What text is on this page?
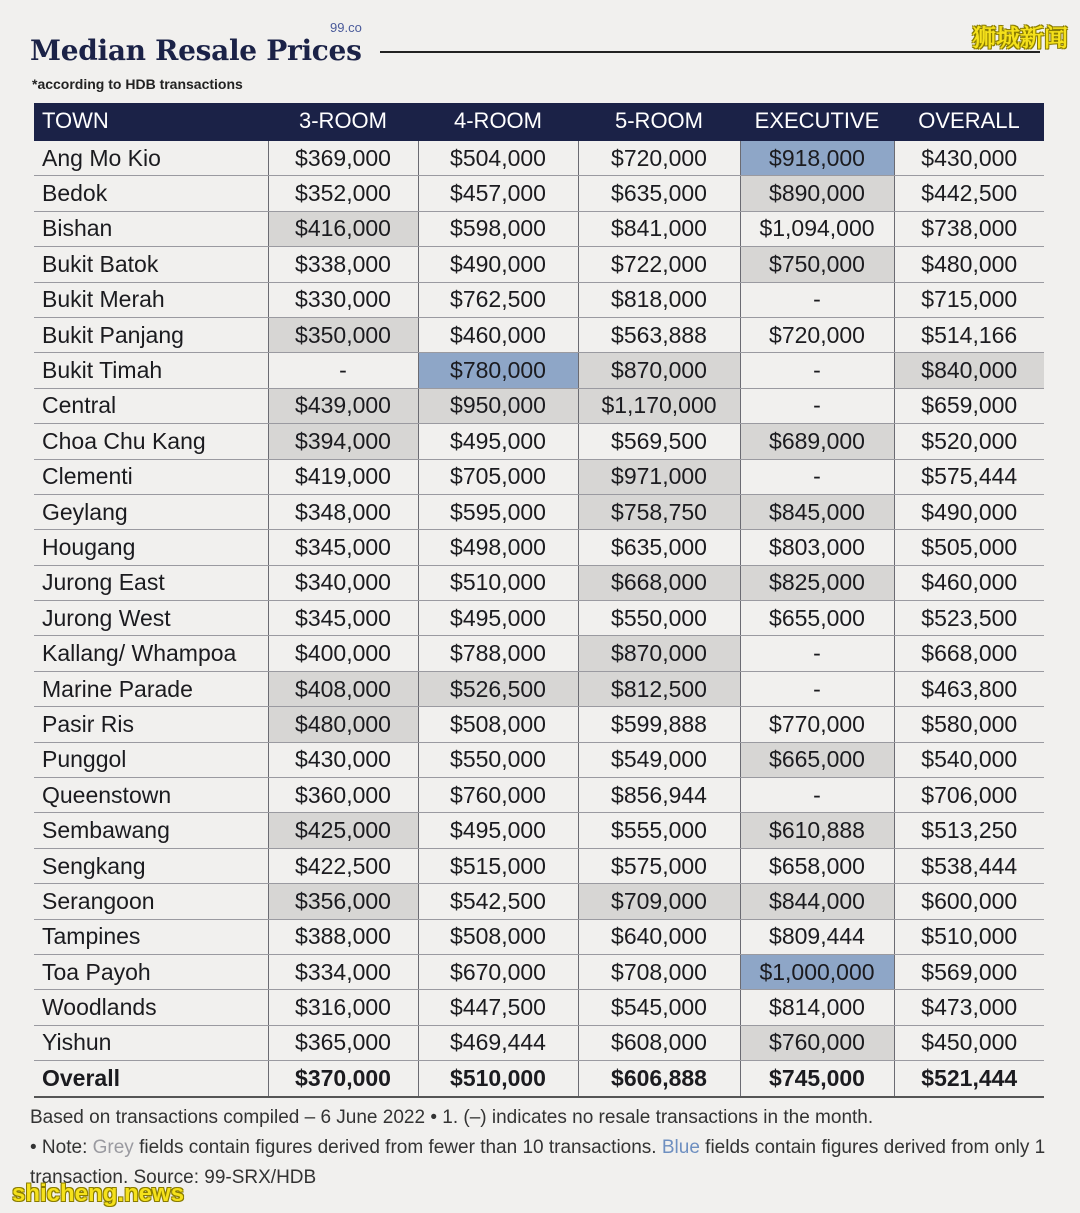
99.co
Median Resale Prices
*according to HDB transactions
狮城新闻
TOWN	3-ROOM	4-ROOM	5-ROOM	EXECUTIVE	OVERALL
Ang Mo Kio	$369,000	$504,000	$720,000	$918,000	$430,000
Bedok	$352,000	$457,000	$635,000	$890,000	$442,500
Bishan	$416,000	$598,000	$841,000	$1,094,000	$738,000
Bukit Batok	$338,000	$490,000	$722,000	$750,000	$480,000
Bukit Merah	$330,000	$762,500	$818,000	-	$715,000
Bukit Panjang	$350,000	$460,000	$563,888	$720,000	$514,166
Bukit Timah	-	$780,000	$870,000	-	$840,000
Central	$439,000	$950,000	$1,170,000	-	$659,000
Choa Chu Kang	$394,000	$495,000	$569,500	$689,000	$520,000
Clementi	$419,000	$705,000	$971,000	-	$575,444
Geylang	$348,000	$595,000	$758,750	$845,000	$490,000
Hougang	$345,000	$498,000	$635,000	$803,000	$505,000
Jurong East	$340,000	$510,000	$668,000	$825,000	$460,000
Jurong West	$345,000	$495,000	$550,000	$655,000	$523,500
Kallang/ Whampoa	$400,000	$788,000	$870,000	-	$668,000
Marine Parade	$408,000	$526,500	$812,500	-	$463,800
Pasir Ris	$480,000	$508,000	$599,888	$770,000	$580,000
Punggol	$430,000	$550,000	$549,000	$665,000	$540,000
Queenstown	$360,000	$760,000	$856,944	-	$706,000
Sembawang	$425,000	$495,000	$555,000	$610,888	$513,250
Sengkang	$422,500	$515,000	$575,000	$658,000	$538,444
Serangoon	$356,000	$542,500	$709,000	$844,000	$600,000
Tampines	$388,000	$508,000	$640,000	$809,444	$510,000
Toa Payoh	$334,000	$670,000	$708,000	$1,000,000	$569,000
Woodlands	$316,000	$447,500	$545,000	$814,000	$473,000
Yishun	$365,000	$469,444	$608,000	$760,000	$450,000
Overall	$370,000	$510,000	$606,888	$745,000	$521,444
Based on transactions compiled – 6 June 2022 • 1. (–) indicates no resale transactions in the month.
• Note: Grey fields contain figures derived from fewer than 10 transactions. Blue fields contain figures derived from only 1 transaction. Source: 99-SRX/HDB
shicheng.news
